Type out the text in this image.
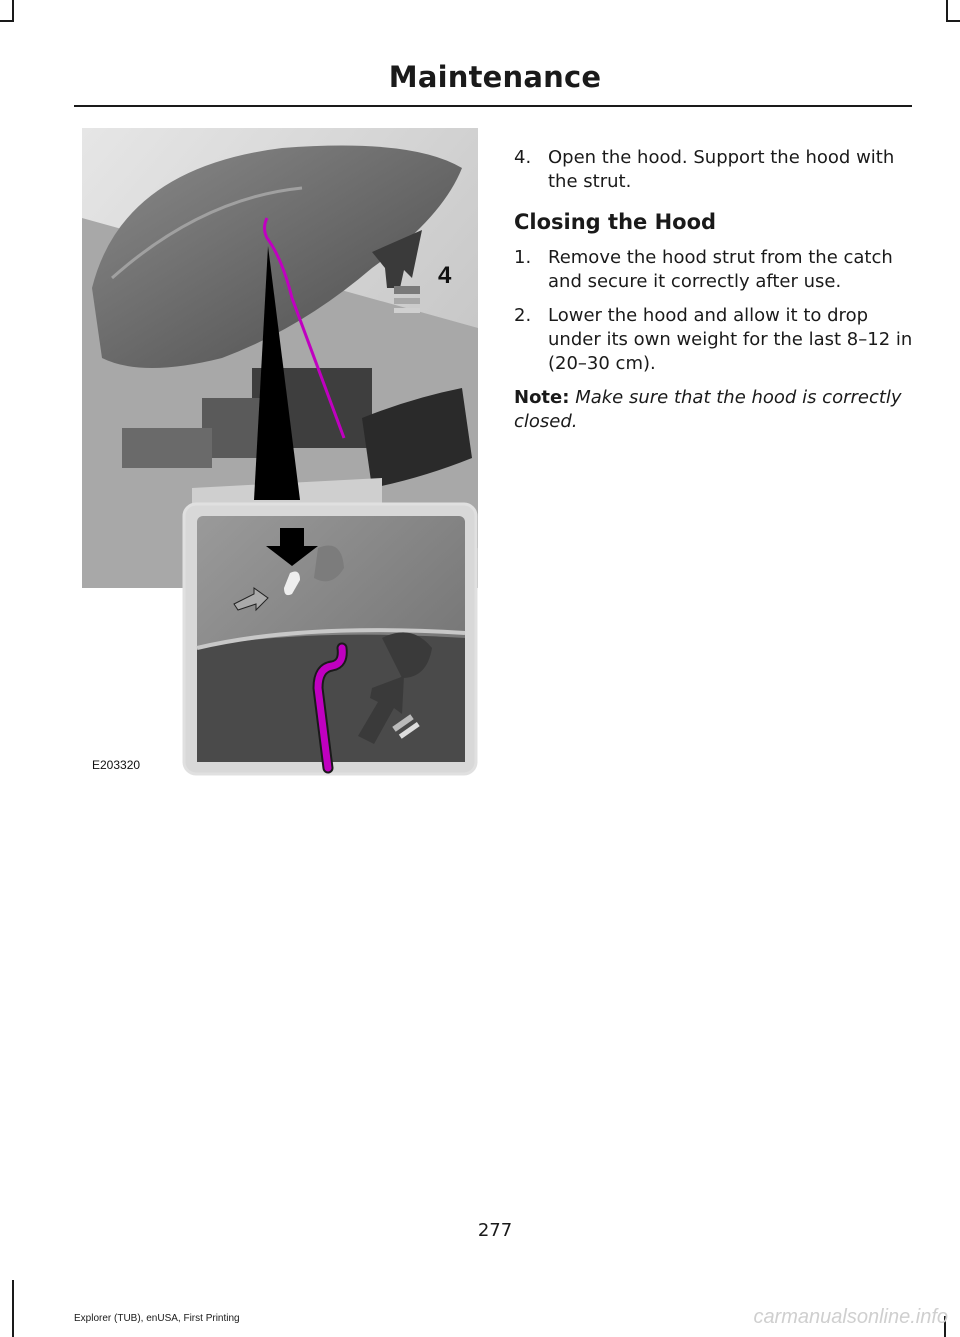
Maintenance
4
E203320
4. Open the hood. Support the hood with the strut.
Closing the Hood
1. Remove the hood strut from the catch and secure it correctly after use.
2. Lower the hood and allow it to drop under its own weight for the last 8–12 in (20–30 cm).
Note: Make sure that the hood is correctly closed.
277
Explorer (TUB), enUSA, First Printing	carmanualsonline.info
